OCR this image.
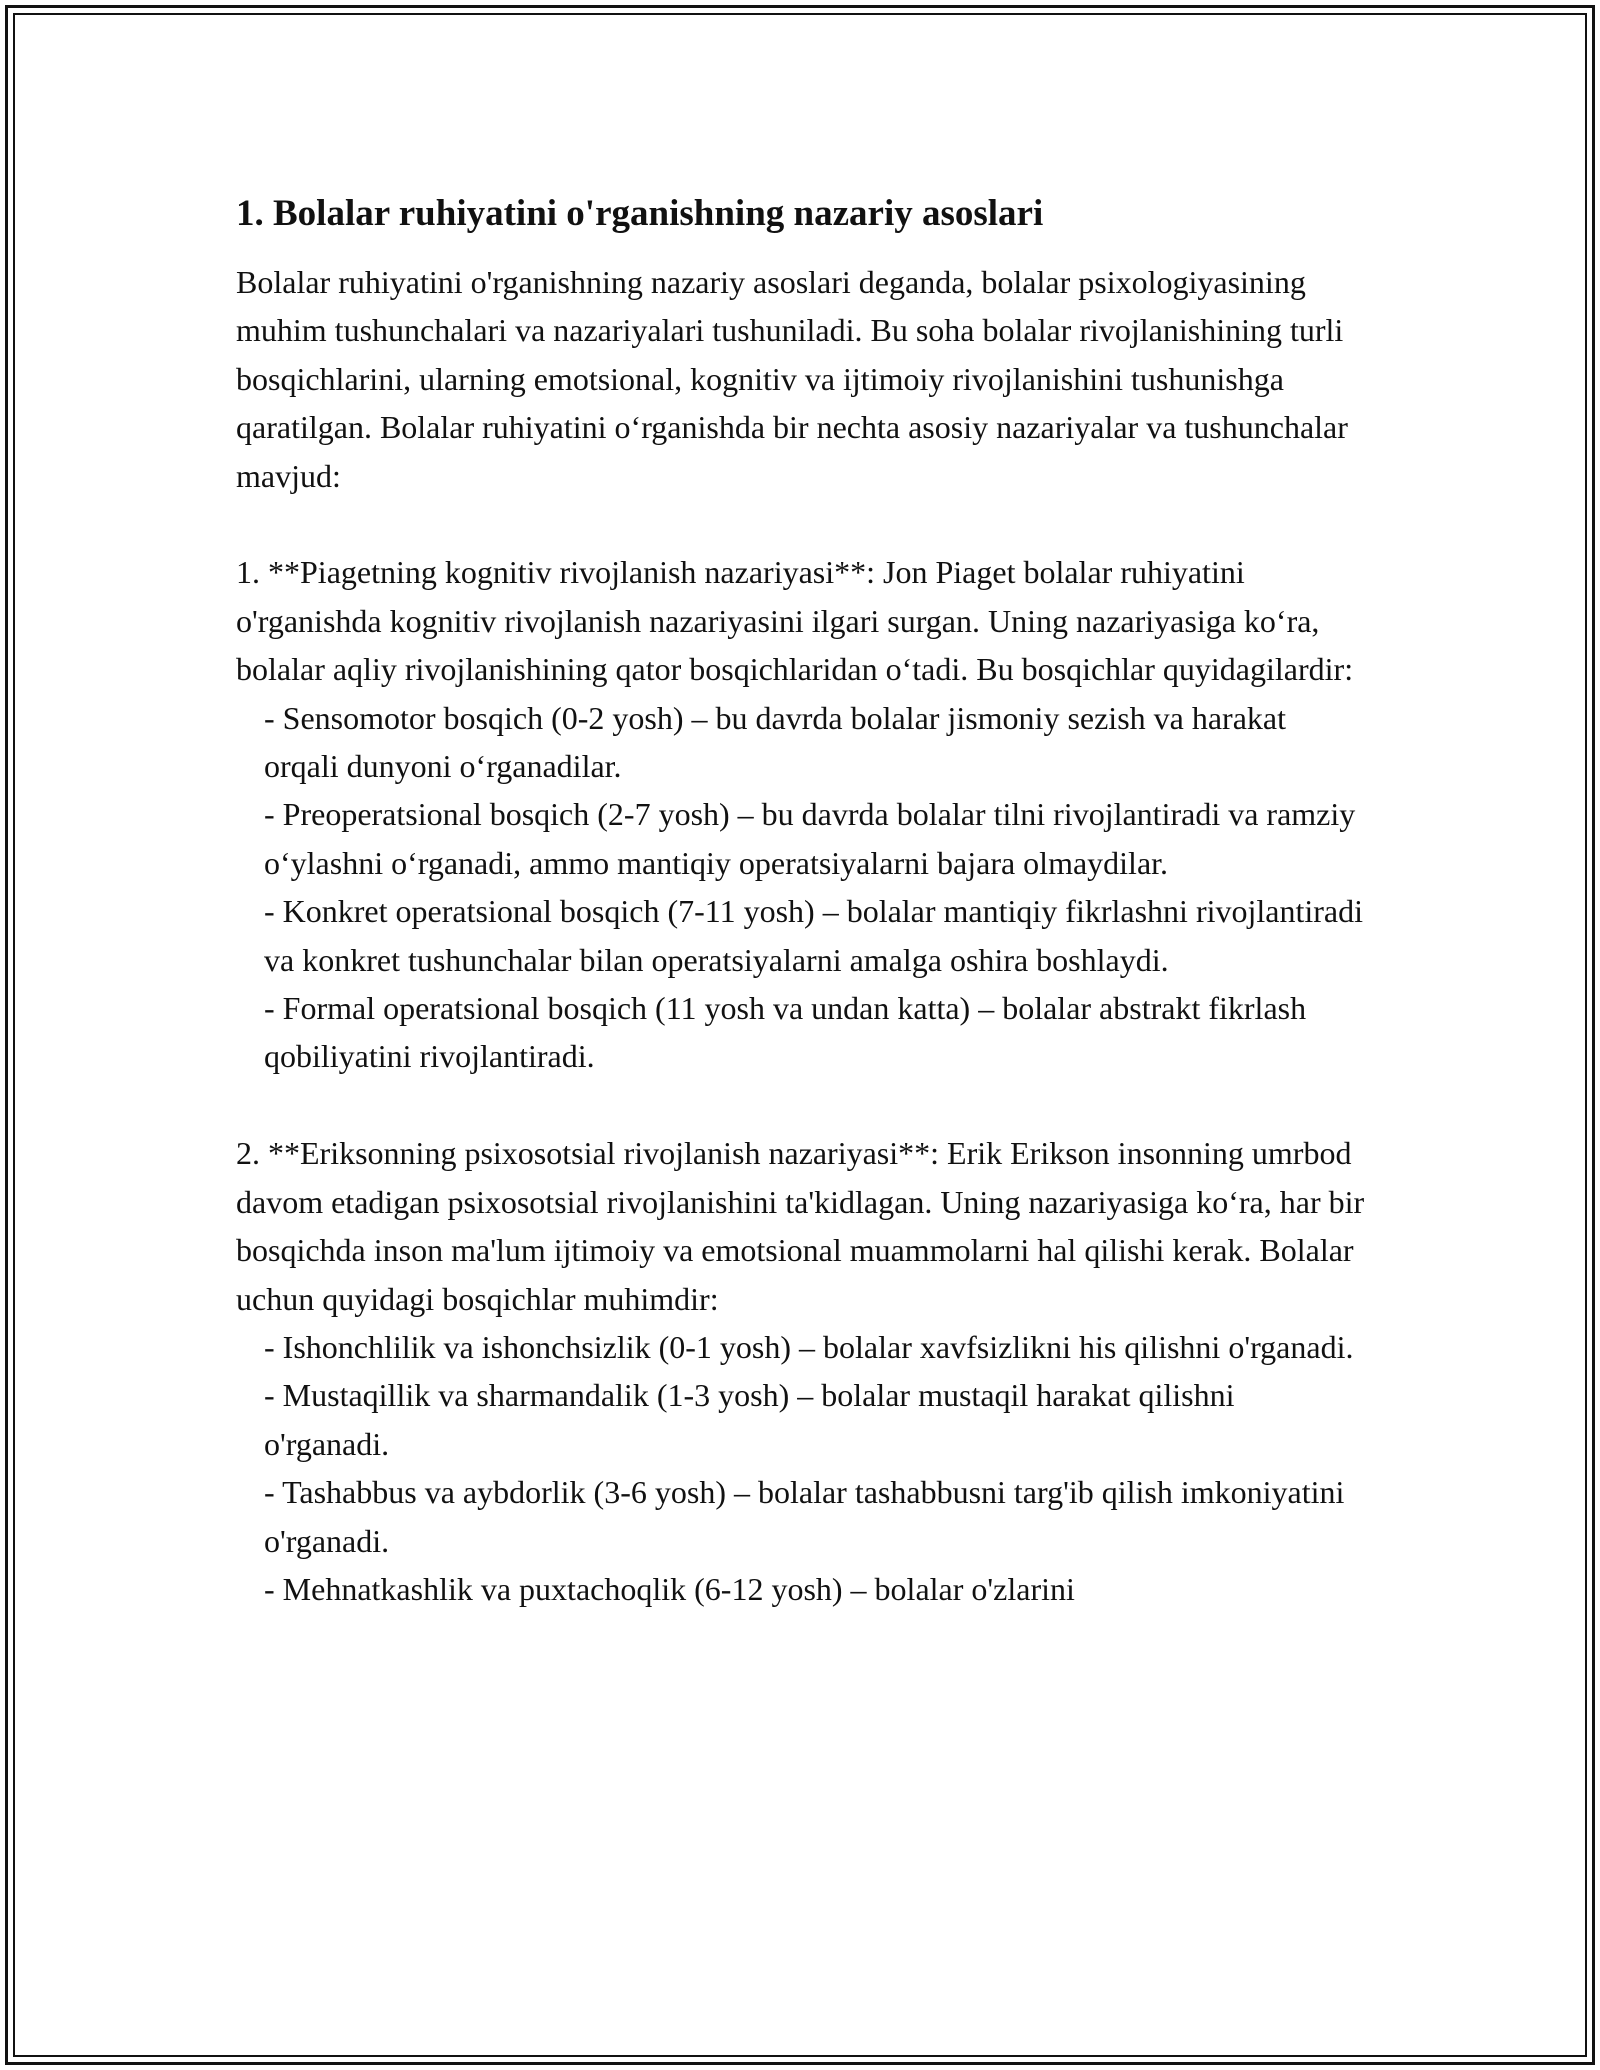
1. Bolalar ruhiyatini o'rganishning nazariy asoslari

Bolalar ruhiyatini o'rganishning nazariy asoslari deganda, bolalar psixologiyasining muhim tushunchalari va nazariyalari tushuniladi. Bu soha bolalar rivojlanishining turli bosqichlarini, ularning emotsional, kognitiv va ijtimoiy rivojlanishini tushunishga qaratilgan. Bolalar ruhiyatini o‘rganishda bir nechta asosiy nazariyalar va tushunchalar mavjud:

1. **Piagetning kognitiv rivojlanish nazariyasi**: Jon Piaget bolalar ruhiyatini o'rganishda kognitiv rivojlanish nazariyasini ilgari surgan. Uning nazariyasiga ko‘ra, bolalar aqliy rivojlanishining qator bosqichlaridan o‘tadi. Bu bosqichlar quyidagilardir:

- Sensomotor bosqich (0-2 yosh) – bu davrda bolalar jismoniy sezish va harakat orqali dunyoni o‘rganadilar.

- Preoperatsional bosqich (2-7 yosh) – bu davrda bolalar tilni rivojlantiradi va ramziy o‘ylashni o‘rganadi, ammo mantiqiy operatsiyalarni bajara olmaydilar.

- Konkret operatsional bosqich (7-11 yosh) – bolalar mantiqiy fikrlashni rivojlantiradi va konkret tushunchalar bilan operatsiyalarni amalga oshira boshlaydi.

- Formal operatsional bosqich (11 yosh va undan katta) – bolalar abstrakt fikrlash qobiliyatini rivojlantiradi.

2. **Eriksonning psixosotsial rivojlanish nazariyasi**: Erik Erikson insonning umrbod davom etadigan psixosotsial rivojlanishini ta'kidlagan. Uning nazariyasiga ko‘ra, har bir bosqichda inson ma'lum ijtimoiy va emotsional muammolarni hal qilishi kerak. Bolalar uchun quyidagi bosqichlar muhimdir:

- Ishonchlilik va ishonchsizlik (0-1 yosh) – bolalar xavfsizlikni his qilishni o'rganadi.

- Mustaqillik va sharmandalik (1-3 yosh) – bolalar mustaqil harakat qilishni o'rganadi.

- Tashabbus va aybdorlik (3-6 yosh) – bolalar tashabbusni targ'ib qilish imkoniyatini o'rganadi.

- Mehnatkashlik va puxtachoqlik (6-12 yosh) – bolalar o'zlarini
